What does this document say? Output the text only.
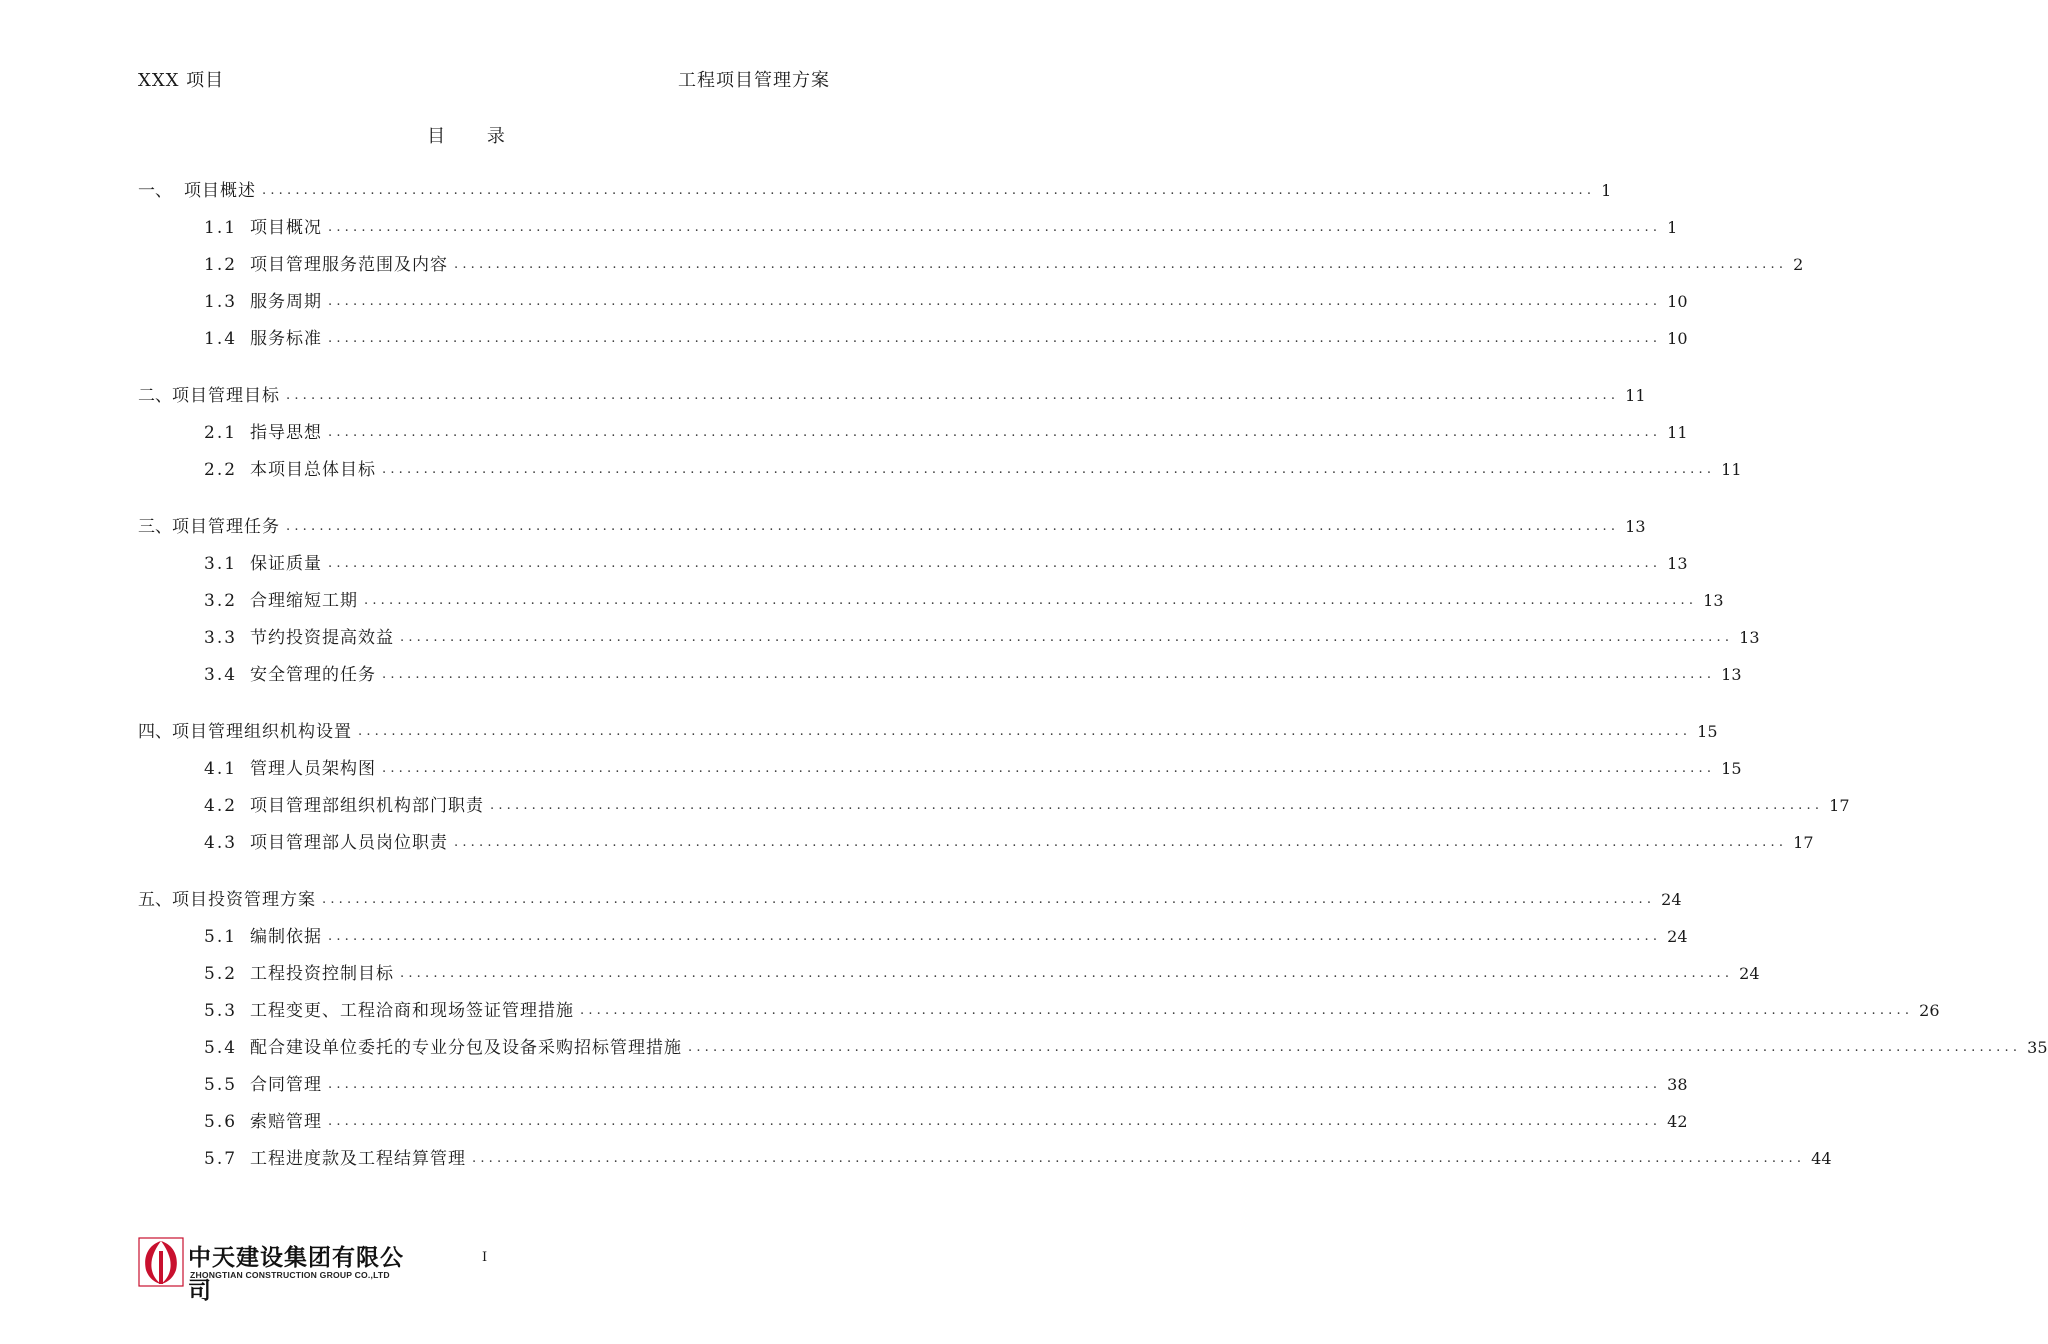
XXX 项目	工程项目管理方案
目 录
一、 项目概述 ................................................................................................................................................................ 1
1.1 项目概况 ................................................................................................................................................................ 1
1.2 项目管理服务范围及内容 ................................................................................................................................................................ 2
1.3 服务周期 ................................................................................................................................................................ 10
1.4 服务标准 ................................................................................................................................................................ 10
二、 项目管理目标 ................................................................................................................................................................ 11
2.1 指导思想 ................................................................................................................................................................ 11
2.2 本项目总体目标 ................................................................................................................................................................ 11
三、 项目管理任务 ................................................................................................................................................................ 13
3.1 保证质量 ................................................................................................................................................................ 13
3.2 合理缩短工期 ................................................................................................................................................................ 13
3.3 节约投资提高效益 ................................................................................................................................................................ 13
3.4 安全管理的任务 ................................................................................................................................................................ 13
四、 项目管理组织机构设置 ................................................................................................................................................................ 15
4.1 管理人员架构图 ................................................................................................................................................................ 15
4.2 项目管理部组织机构部门职责 ................................................................................................................................................................ 17
4.3 项目管理部人员岗位职责 ................................................................................................................................................................ 17
五、 项目投资管理方案 ................................................................................................................................................................ 24
5.1 编制依据 ................................................................................................................................................................ 24
5.2 工程投资控制目标 ................................................................................................................................................................ 24
5.3 工程变更、工程洽商和现场签证管理措施 ................................................................................................................................................................ 26
5.4 配合建设单位委托的专业分包及设备采购招标管理措施 ................................................................................................................................................................ 35
5.5 合同管理 ................................................................................................................................................................ 38
5.6 索赔管理 ................................................................................................................................................................ 42
5.7 工程进度款及工程结算管理 ................................................................................................................................................................ 44
中天建设集团有限公司
ZHONGTIAN CONSTRUCTION GROUP CO.,LTD
I
